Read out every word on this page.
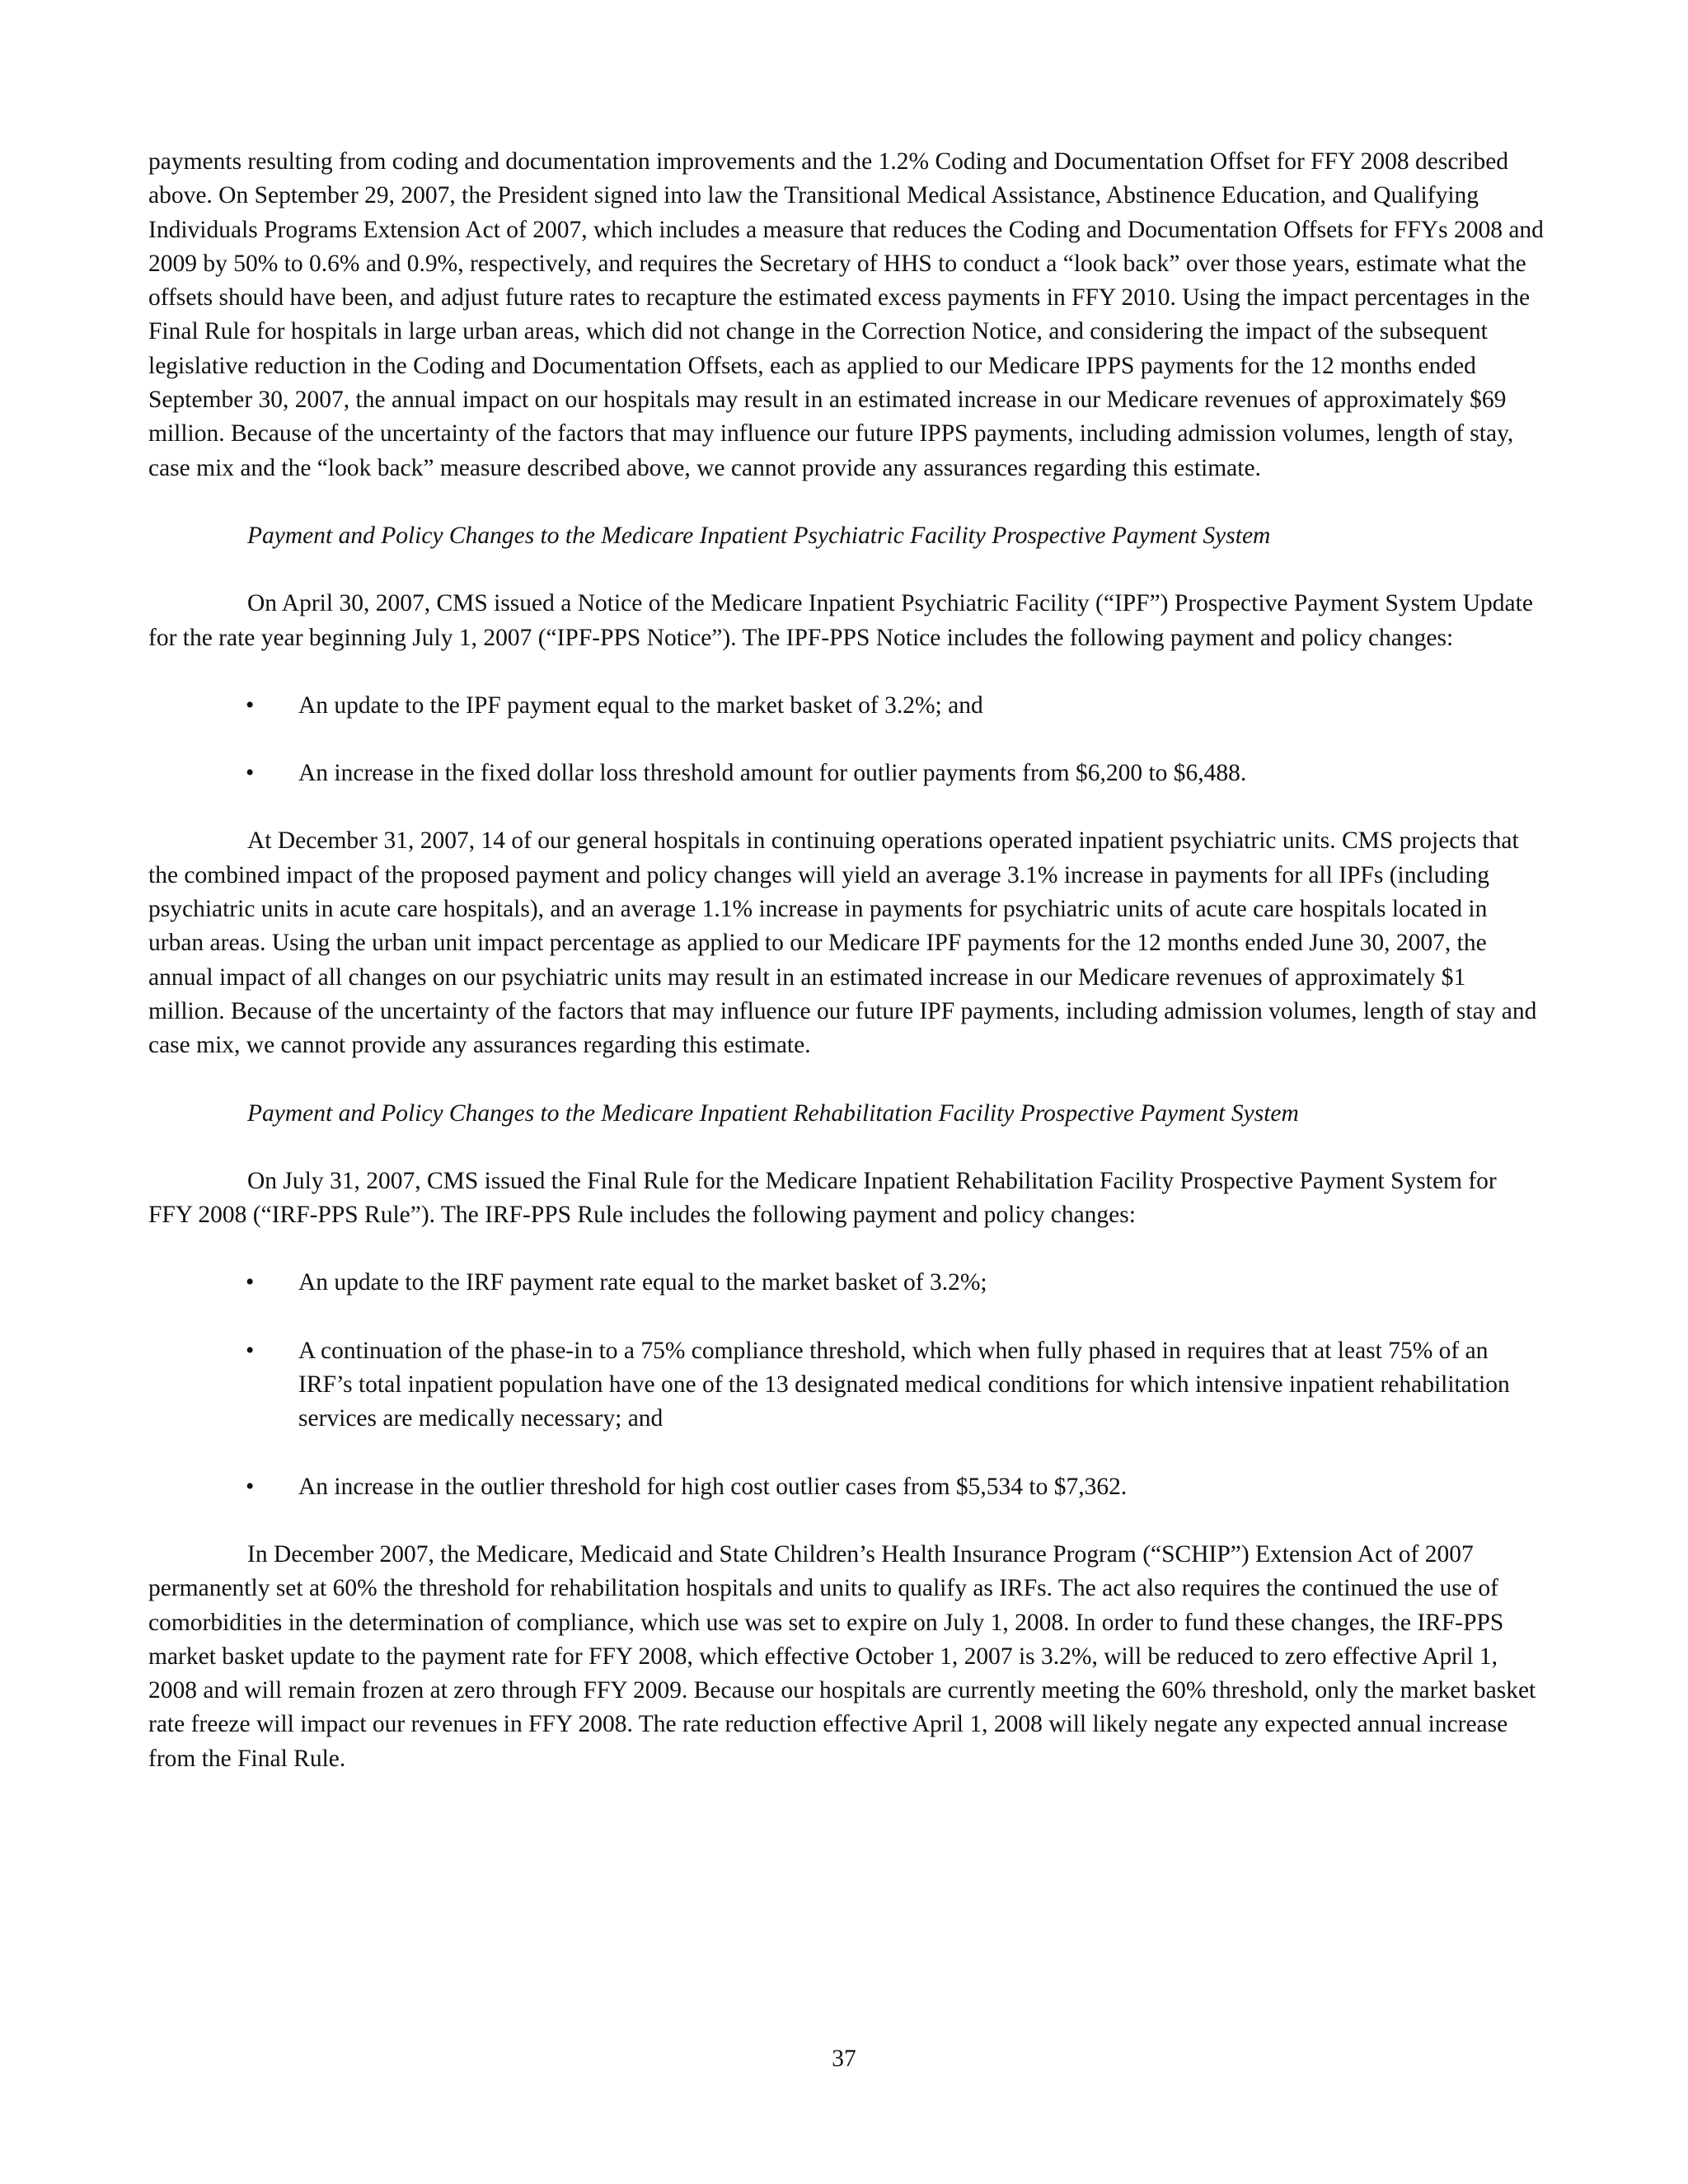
payments resulting from coding and documentation improvements and the 1.2% Coding and Documentation Offset for FFY 2008 described above. On September 29, 2007, the President signed into law the Transitional Medical Assistance, Abstinence Education, and Qualifying Individuals Programs Extension Act of 2007, which includes a measure that reduces the Coding and Documentation Offsets for FFYs 2008 and 2009 by 50% to 0.6% and 0.9%, respectively, and requires the Secretary of HHS to conduct a “look back” over those years, estimate what the offsets should have been, and adjust future rates to recapture the estimated excess payments in FFY 2010. Using the impact percentages in the Final Rule for hospitals in large urban areas, which did not change in the Correction Notice, and considering the impact of the subsequent legislative reduction in the Coding and Documentation Offsets, each as applied to our Medicare IPPS payments for the 12 months ended September 30, 2007, the annual impact on our hospitals may result in an estimated increase in our Medicare revenues of approximately $69 million. Because of the uncertainty of the factors that may influence our future IPPS payments, including admission volumes, length of stay, case mix and the “look back” measure described above, we cannot provide any assurances regarding this estimate.

Payment and Policy Changes to the Medicare Inpatient Psychiatric Facility Prospective Payment System

On April 30, 2007, CMS issued a Notice of the Medicare Inpatient Psychiatric Facility (“IPF”) Prospective Payment System Update for the rate year beginning July 1, 2007 (“IPF-PPS Notice”). The IPF-PPS Notice includes the following payment and policy changes:

• An update to the IPF payment equal to the market basket of 3.2%; and
• An increase in the fixed dollar loss threshold amount for outlier payments from $6,200 to $6,488.

At December 31, 2007, 14 of our general hospitals in continuing operations operated inpatient psychiatric units. CMS projects that the combined impact of the proposed payment and policy changes will yield an average 3.1% increase in payments for all IPFs (including psychiatric units in acute care hospitals), and an average 1.1% increase in payments for psychiatric units of acute care hospitals located in urban areas. Using the urban unit impact percentage as applied to our Medicare IPF payments for the 12 months ended June 30, 2007, the annual impact of all changes on our psychiatric units may result in an estimated increase in our Medicare revenues of approximately $1 million. Because of the uncertainty of the factors that may influence our future IPF payments, including admission volumes, length of stay and case mix, we cannot provide any assurances regarding this estimate.

Payment and Policy Changes to the Medicare Inpatient Rehabilitation Facility Prospective Payment System

On July 31, 2007, CMS issued the Final Rule for the Medicare Inpatient Rehabilitation Facility Prospective Payment System for FFY 2008 (“IRF-PPS Rule”). The IRF-PPS Rule includes the following payment and policy changes:

• An update to the IRF payment rate equal to the market basket of 3.2%;
• A continuation of the phase-in to a 75% compliance threshold, which when fully phased in requires that at least 75% of an IRF’s total inpatient population have one of the 13 designated medical conditions for which intensive inpatient rehabilitation services are medically necessary; and
• An increase in the outlier threshold for high cost outlier cases from $5,534 to $7,362.

In December 2007, the Medicare, Medicaid and State Children’s Health Insurance Program (“SCHIP”) Extension Act of 2007 permanently set at 60% the threshold for rehabilitation hospitals and units to qualify as IRFs. The act also requires the continued the use of comorbidities in the determination of compliance, which use was set to expire on July 1, 2008. In order to fund these changes, the IRF-PPS market basket update to the payment rate for FFY 2008, which effective October 1, 2007 is 3.2%, will be reduced to zero effective April 1, 2008 and will remain frozen at zero through FFY 2009. Because our hospitals are currently meeting the 60% threshold, only the market basket rate freeze will impact our revenues in FFY 2008. The rate reduction effective April 1, 2008 will likely negate any expected annual increase from the Final Rule.

37
